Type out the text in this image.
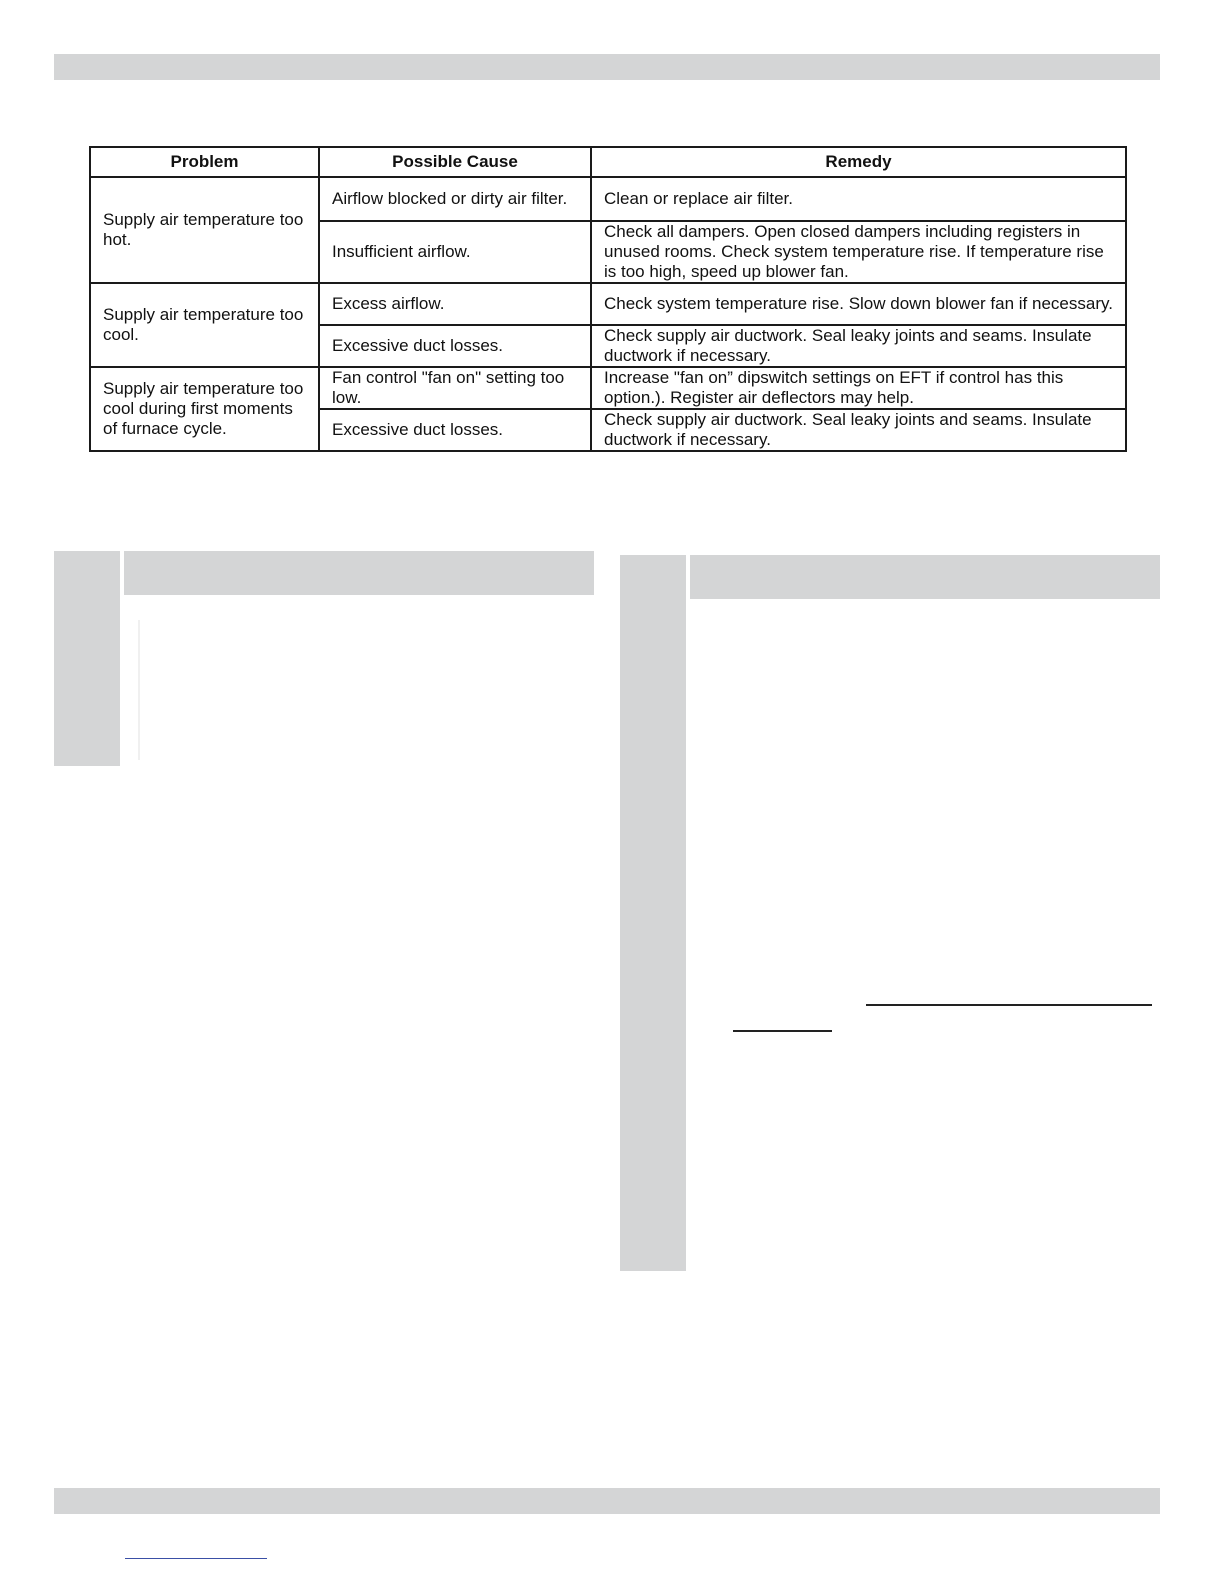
Problem	Possible Cause	Remedy
Supply air temperature too hot.	Airflow blocked or dirty air filter.	Clean or replace air filter.
	Insufficient airflow.	Check all dampers. Open closed dampers including registers in unused rooms. Check system temperature rise. If temperature rise is too high, speed up blower fan.
Supply air temperature too cool.	Excess airflow.	Check system temperature rise. Slow down blower fan if necessary.
	Excessive duct losses.	Check supply air ductwork. Seal leaky joints and seams. Insulate ductwork if necessary.
Supply air temperature too cool during first moments of furnace cycle.	Fan control "fan on" setting too low.	Increase "fan on” dipswitch settings on EFT if control has this option.). Register air deflectors may help.
	Excessive duct losses.	Check supply air ductwork. Seal leaky joints and seams. Insulate ductwork if necessary.
